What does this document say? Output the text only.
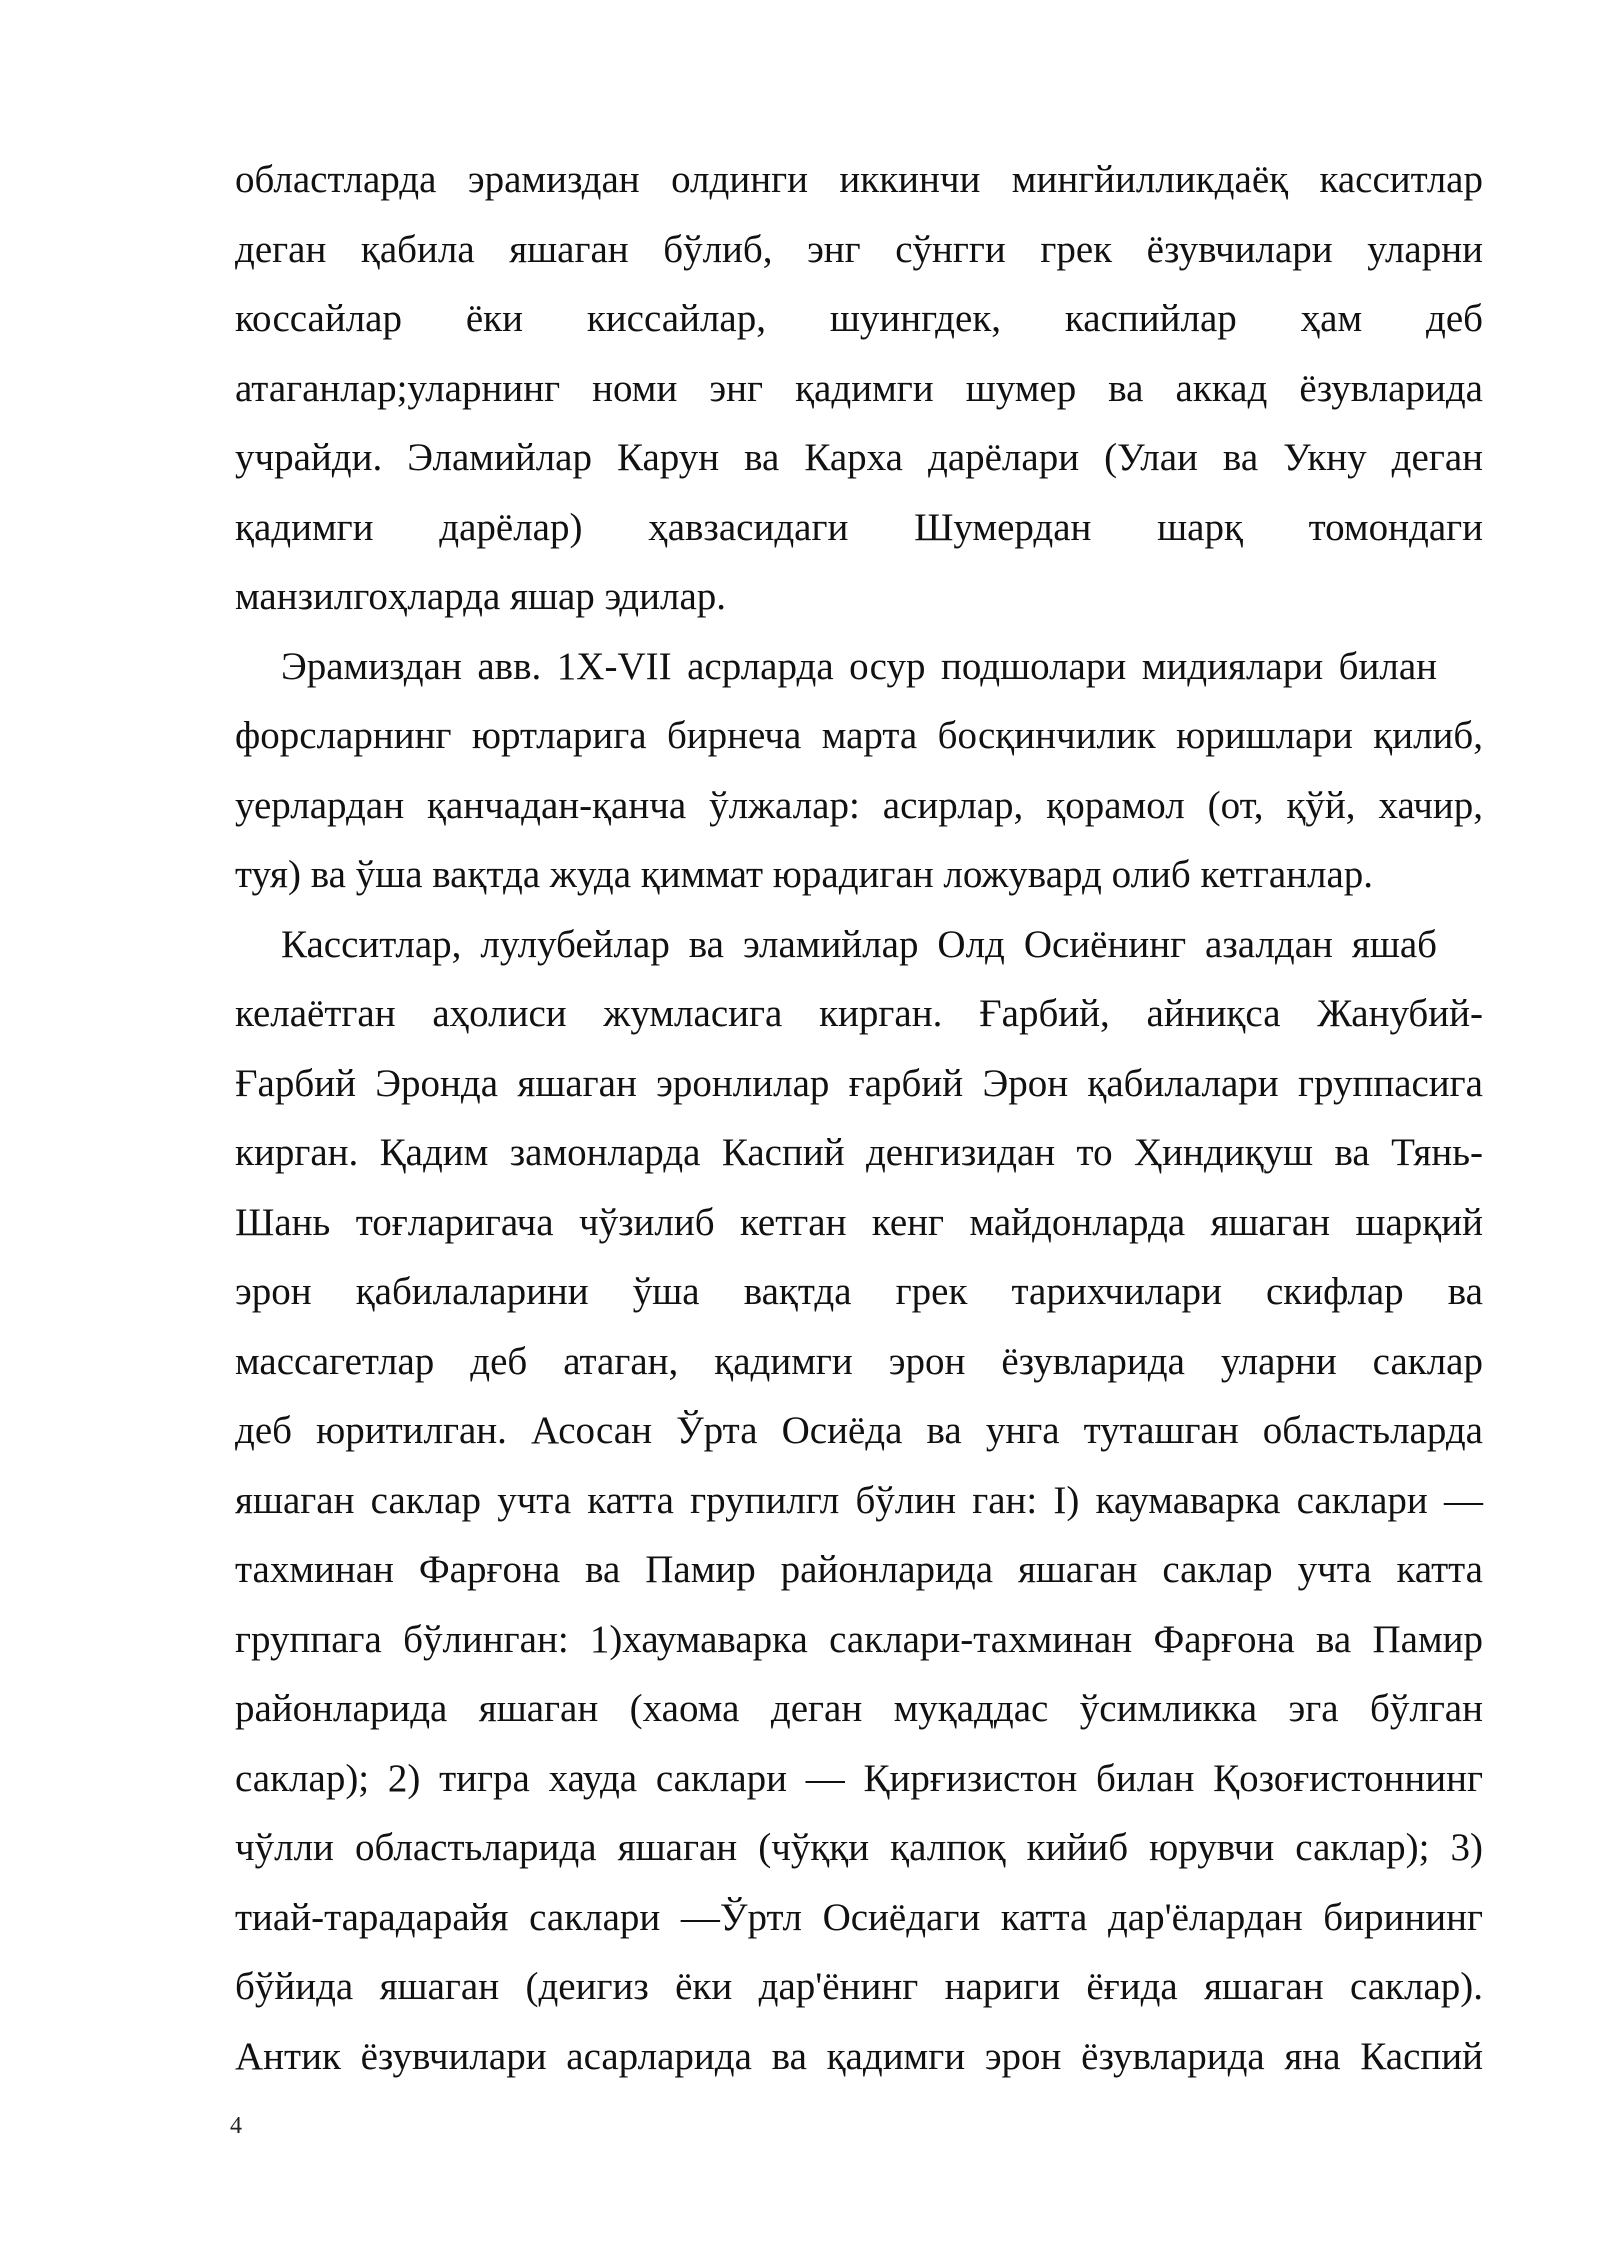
областларда эрамиздан олдинги иккинчи мингйилликдаёқ касситлар
деган қабила яшаган бўлиб, энг сўнгги грек ёзувчилари уларни
коссайлар ёки киссайлар, шуингдек, каспийлар ҳам деб
атаганлар;уларнинг номи энг қадимги шумер ва аккад ёзувларида
учрайди. Эламийлар Карун ва Карха дарёлари (Улаи ва Укну деган
қадимги дарёлар) ҳавзасидаги Шумердан шарқ томондаги
манзилгоҳларда яшар эдилар.

Эрамиздан авв. 1Х-VII асрларда осур подшолари мидиялари билан
форсларнинг юртларига бирнеча марта босқинчилик юришлари қилиб,
уерлардан қанчадан-қанча ўлжалар: асирлар, қорамол (от, қўй, хачир,
туя) ва ўша вақтда жуда қиммат юрадиган ложувард олиб кетганлар.

Касситлар, лулубейлар ва эламийлар Олд Осиёнинг азалдан яшаб
келаётган аҳолиси жумласига кирган. Ғарбий, айниқса Жанубий-
Ғарбий Эронда яшаган эронлилар ғарбий Эрон қабилалари группасига
кирган. Қадим замонларда Каспий денгизидан то Ҳиндиқуш ва Тянь-
Шань тоғларигача чўзилиб кетган кенг майдонларда яшаган шарқий
эрон қабилаларини ўша вақтда грек тарихчилари скифлар ва
массагетлар деб атаган, қадимги эрон ёзувларида уларни саклар
деб юритилган. Асосан Ўрта Осиёда ва унга туташган областьларда
яшаган саклар учта катта групилгл бўлин ган: I) каумаварка саклари —
тахминан Фарғона ва Памир районларида яшаган саклар учта катта
группага бўлинган: 1)хаумаварка саклари-тахминан Фарғона ва Памир
районларида яшаган (хаома деган муқаддас ўсимликка эга бўлган
саклар); 2) тигра хауда саклари — Қирғизистон билан Қозоғистоннинг
чўлли областьларида яшаган (чўққи қалпоқ кийиб юрувчи саклар); 3)
тиай-тарадарайя саклари —Ўртл Осиёдаги катта дар'ёлардан бирининг
бўйида яшаган (деигиз ёки дар'ёнинг нариги ёғида яшаган саклар).
Антик ёзувчилари асарларида ва қадимги эрон ёзувларида яна Каспий

4
